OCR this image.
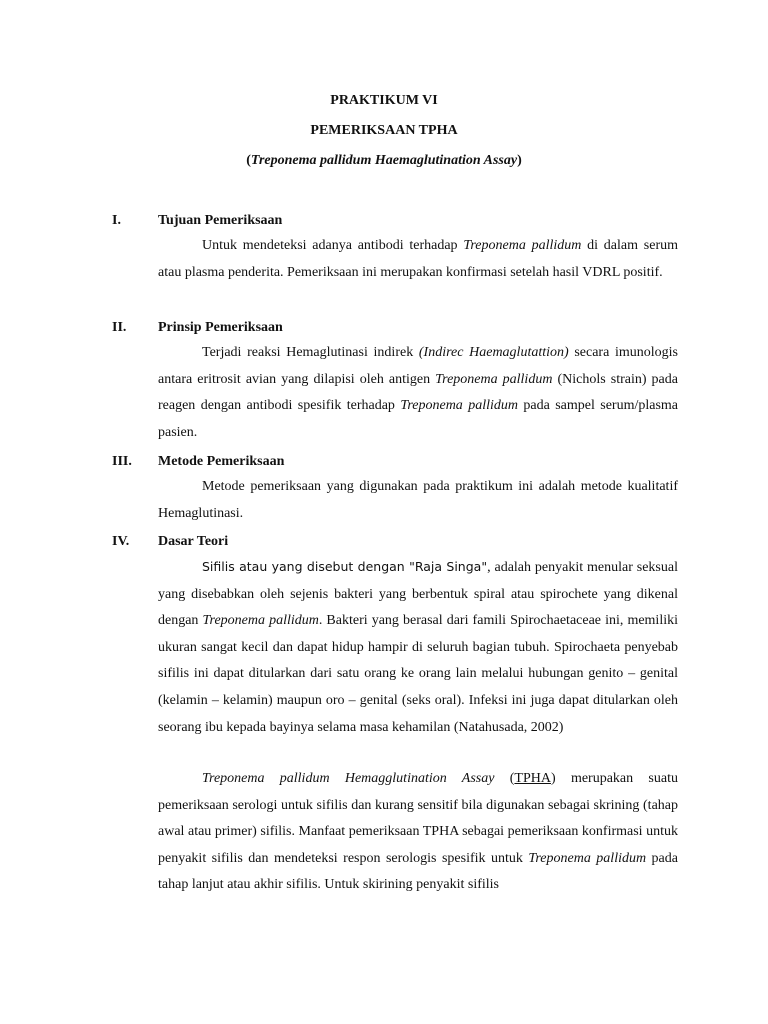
PRAKTIKUM VI
PEMERIKSAAN TPHA
(Treponema pallidum Haemaglutination Assay)
I.	Tujuan Pemeriksaan
Untuk mendeteksi adanya antibodi terhadap Treponema pallidum di dalam serum atau plasma penderita. Pemeriksaan ini merupakan konfirmasi setelah hasil VDRL positif.
II. Prinsip Pemeriksaan
Terjadi reaksi Hemaglutinasi indirek (Indirec Haemaglutattion) secara imunologis antara eritrosit avian yang dilapisi oleh antigen Treponema pallidum (Nichols strain) pada reagen dengan antibodi spesifik terhadap Treponema pallidum pada sampel serum/plasma pasien.
III. Metode Pemeriksaan
Metode pemeriksaan yang digunakan pada praktikum ini adalah metode kualitatif Hemaglutinasi.
IV. Dasar Teori
Sifilis atau yang disebut dengan "Raja Singa", adalah penyakit menular seksual yang disebabkan oleh sejenis bakteri yang berbentuk spiral atau spirochete yang dikenal dengan Treponema pallidum. Bakteri yang berasal dari famili Spirochaetaceae ini, memiliki ukuran sangat kecil dan dapat hidup hampir di seluruh bagian tubuh. Spirochaeta penyebab sifilis ini dapat ditularkan dari satu orang ke orang lain melalui hubungan genito – genital (kelamin – kelamin) maupun oro – genital (seks oral). Infeksi ini juga dapat ditularkan oleh seorang ibu kepada bayinya selama masa kehamilan (Natahusada, 2002)
Treponema pallidum Hemagglutination Assay (TPHA) merupakan suatu pemeriksaan serologi untuk sifilis dan kurang sensitif bila digunakan sebagai skrining (tahap awal atau primer) sifilis. Manfaat pemeriksaan TPHA sebagai pemeriksaan konfirmasi untuk penyakit sifilis dan mendeteksi respon serologis spesifik untuk Treponema pallidum pada tahap lanjut atau akhir sifilis. Untuk skirining penyakit sifilis
